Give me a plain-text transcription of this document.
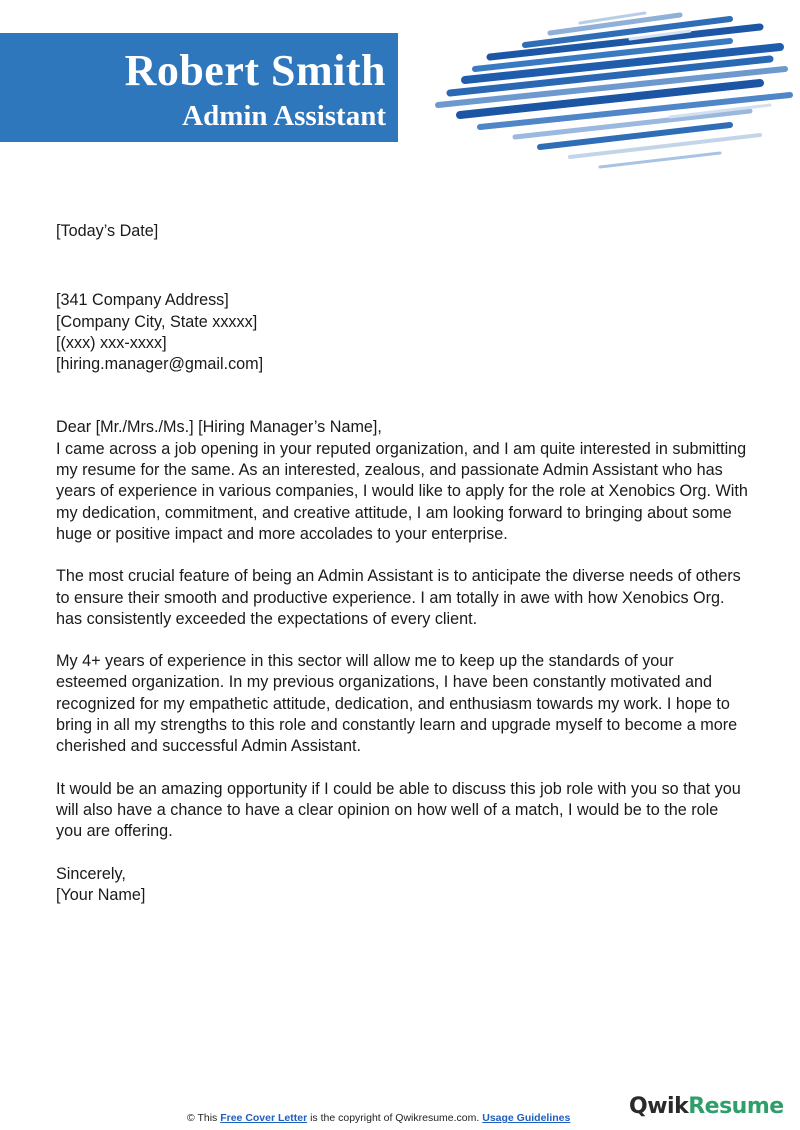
Robert Smith
Admin Assistant
[Today’s Date]
[341 Company Address]
[Company City, State xxxxx]
[(xxx) xxx-xxxx]
[hiring.manager@gmail.com]
Dear [Mr./Mrs./Ms.] [Hiring Manager’s Name],

I came across a job opening in your reputed organization, and I am quite interested in submitting
my resume for the same. As an interested, zealous, and passionate Admin Assistant who has
years of experience in various companies, I would like to apply for the role at Xenobics Org. With
my dedication, commitment, and creative attitude, I am looking forward to bringing about some
huge or positive impact and more accolades to your enterprise.

The most crucial feature of being an Admin Assistant is to anticipate the diverse needs of others
to ensure their smooth and productive experience. I am totally in awe with how Xenobics Org.
has consistently exceeded the expectations of every client.

My 4+ years of experience in this sector will allow me to keep up the standards of your
esteemed organization. In my previous organizations, I have been constantly motivated and
recognized for my empathetic attitude, dedication, and enthusiasm towards my work. I hope to
bring in all my strengths to this role and constantly learn and upgrade myself to become a more
cherished and successful Admin Assistant.

It would be an amazing opportunity if I could be able to discuss this job role with you so that you
will also have a chance to have a clear opinion on how well of a match, I would be to the role
you are offering.

Sincerely,
[Your Name]
© This Free Cover Letter is the copyright of Qwikresume.com. Usage Guidelines	QwikResume
